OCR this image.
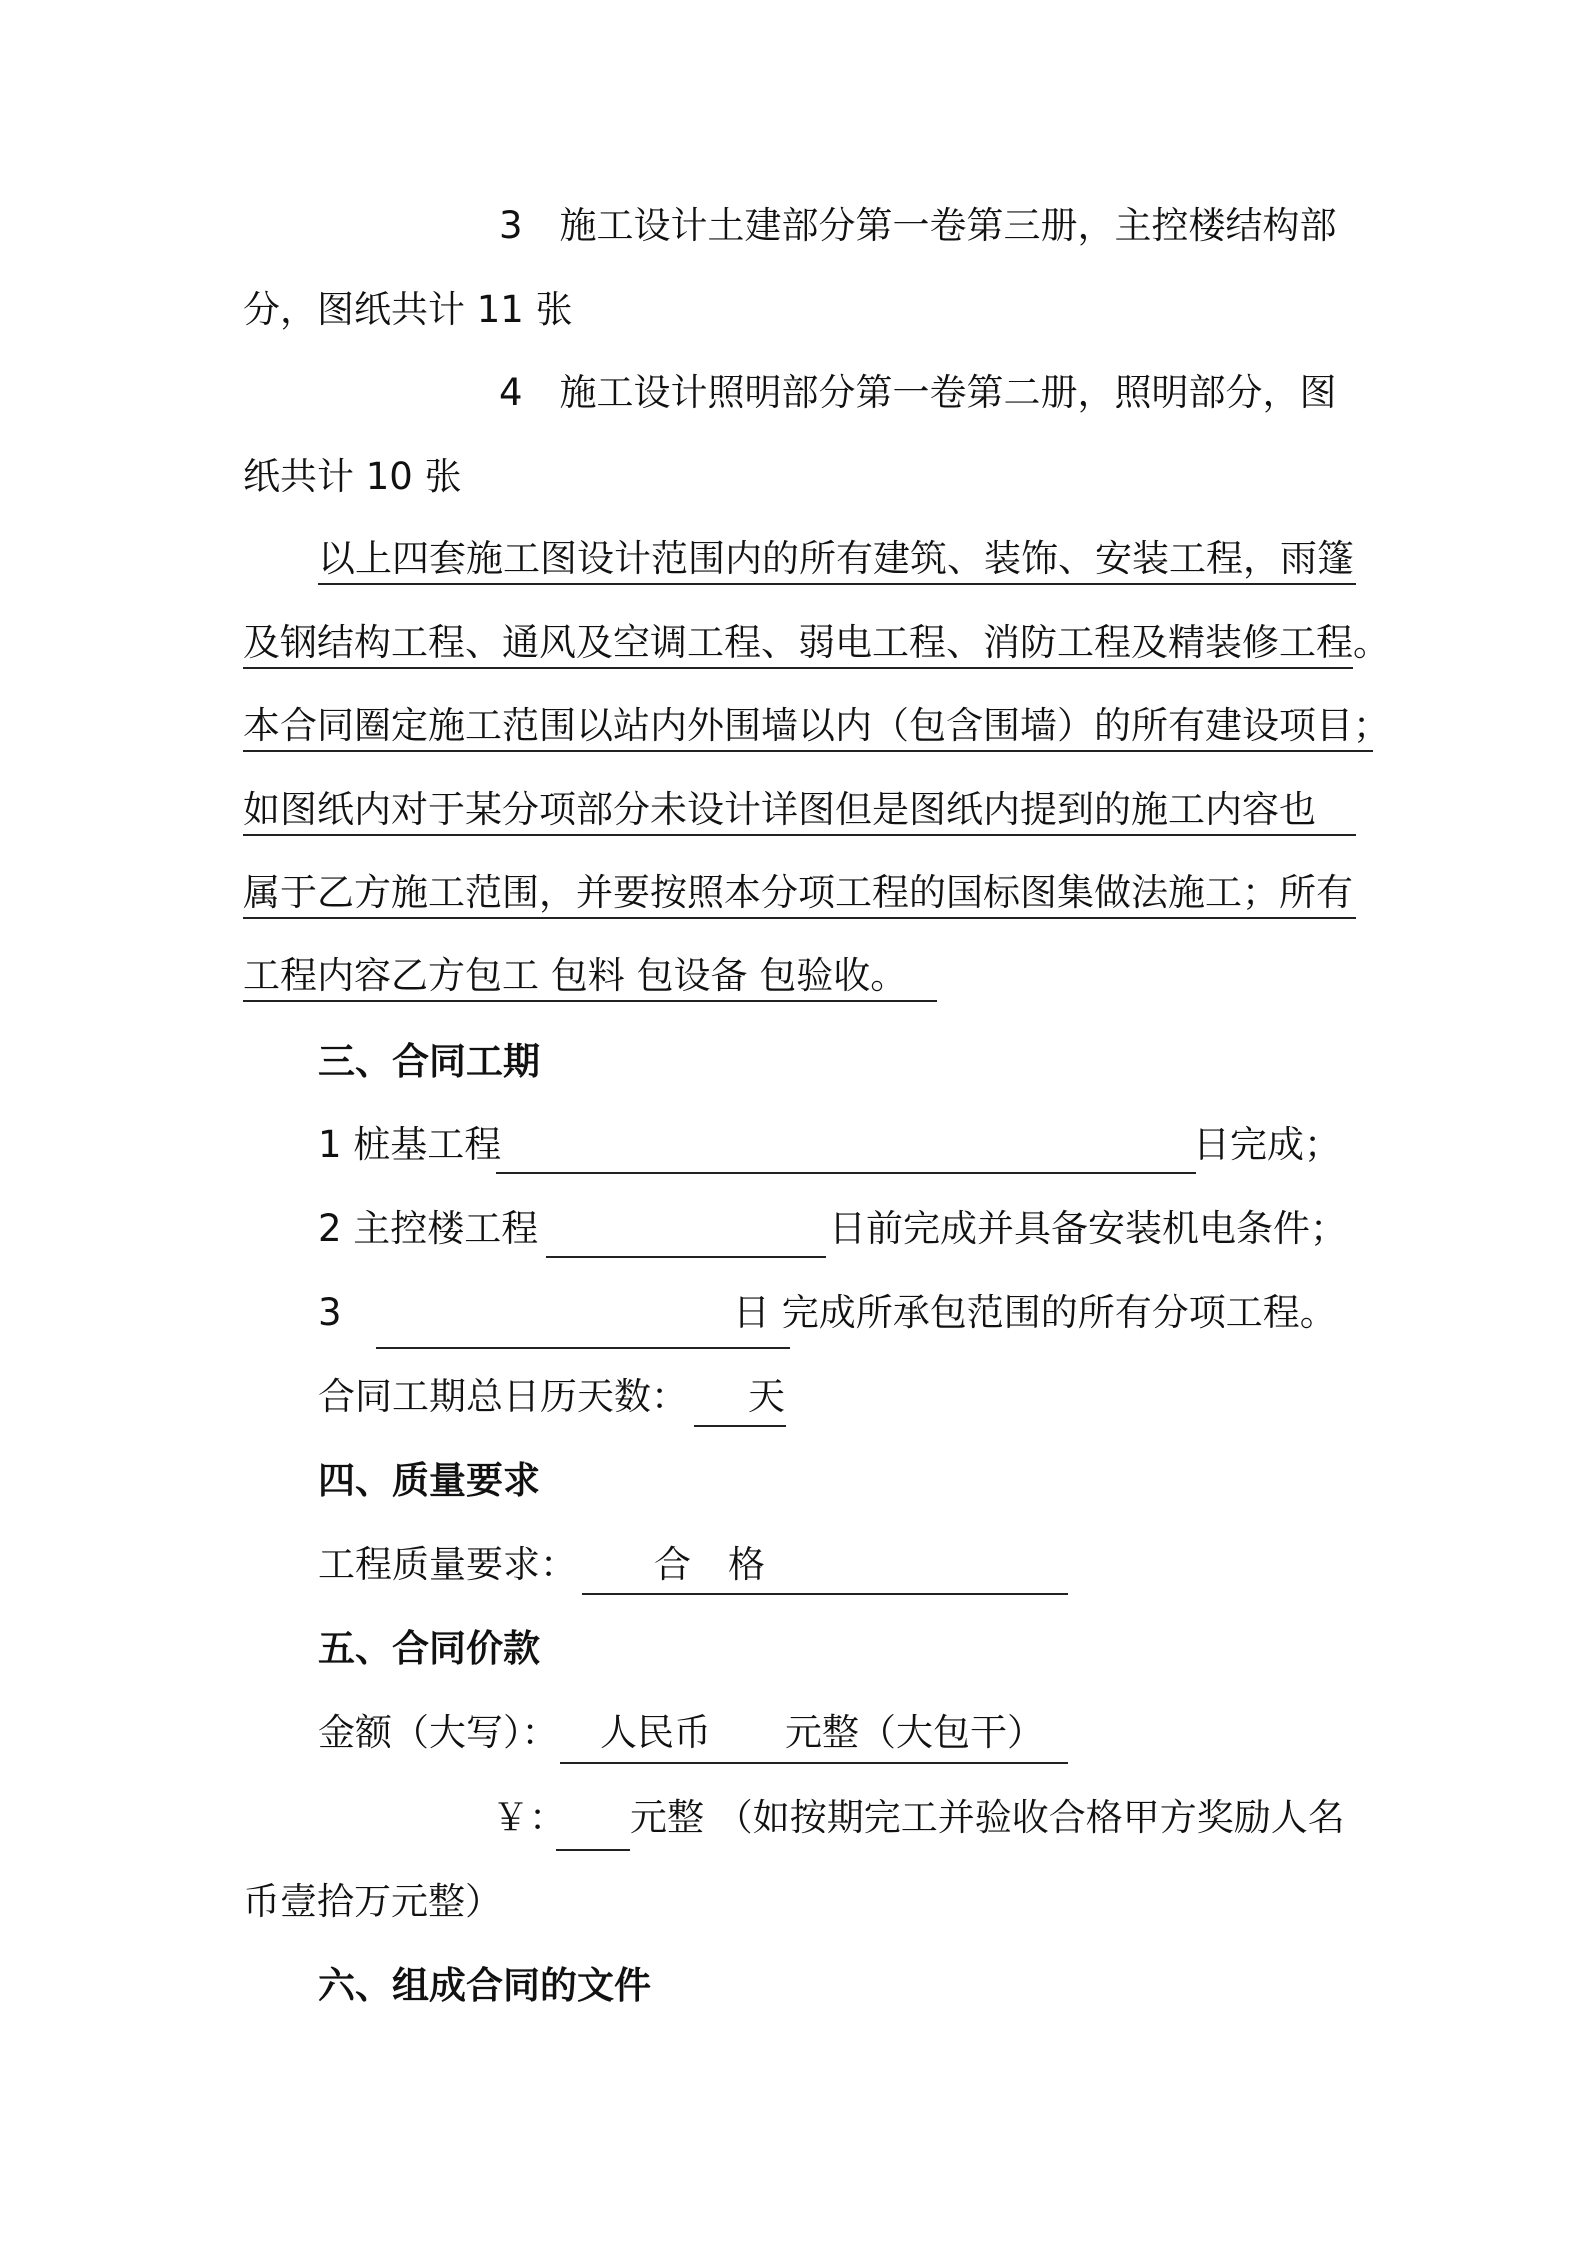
3　施工设计土建部分第一卷第三册，主控楼结构部
分，图纸共计 11 张
4　施工设计照明部分第一卷第二册，照明部分，图
纸共计 10 张
以上四套施工图设计范围内的所有建筑、装饰、安装工程，雨篷
及钢结构工程、通风及空调工程、弱电工程、消防工程及精装修工程。
本合同圈定施工范围以站内外围墙以内（包含围墙）的所有建设项目；
如图纸内对于某分项部分未设计详图但是图纸内提到的施工内容也
属于乙方施工范围，并要按照本分项工程的国标图集做法施工；所有
工程内容乙方包工 包料 包设备 包验收。
三、合同工期
1 桩基工程	日完成；
2 主控楼工程	日前完成并具备安装机电条件；
3	日 完成所承包范围的所有分项工程。
合同工期总日历天数： 天
四、质量要求
工程质量要求： 合　格
五、合同价款
金额（大写）： 人民币　　元整（大包干）
￥： 元整 （如按期完工并验收合格甲方奖励人名
币壹拾万元整）
六、组成合同的文件
